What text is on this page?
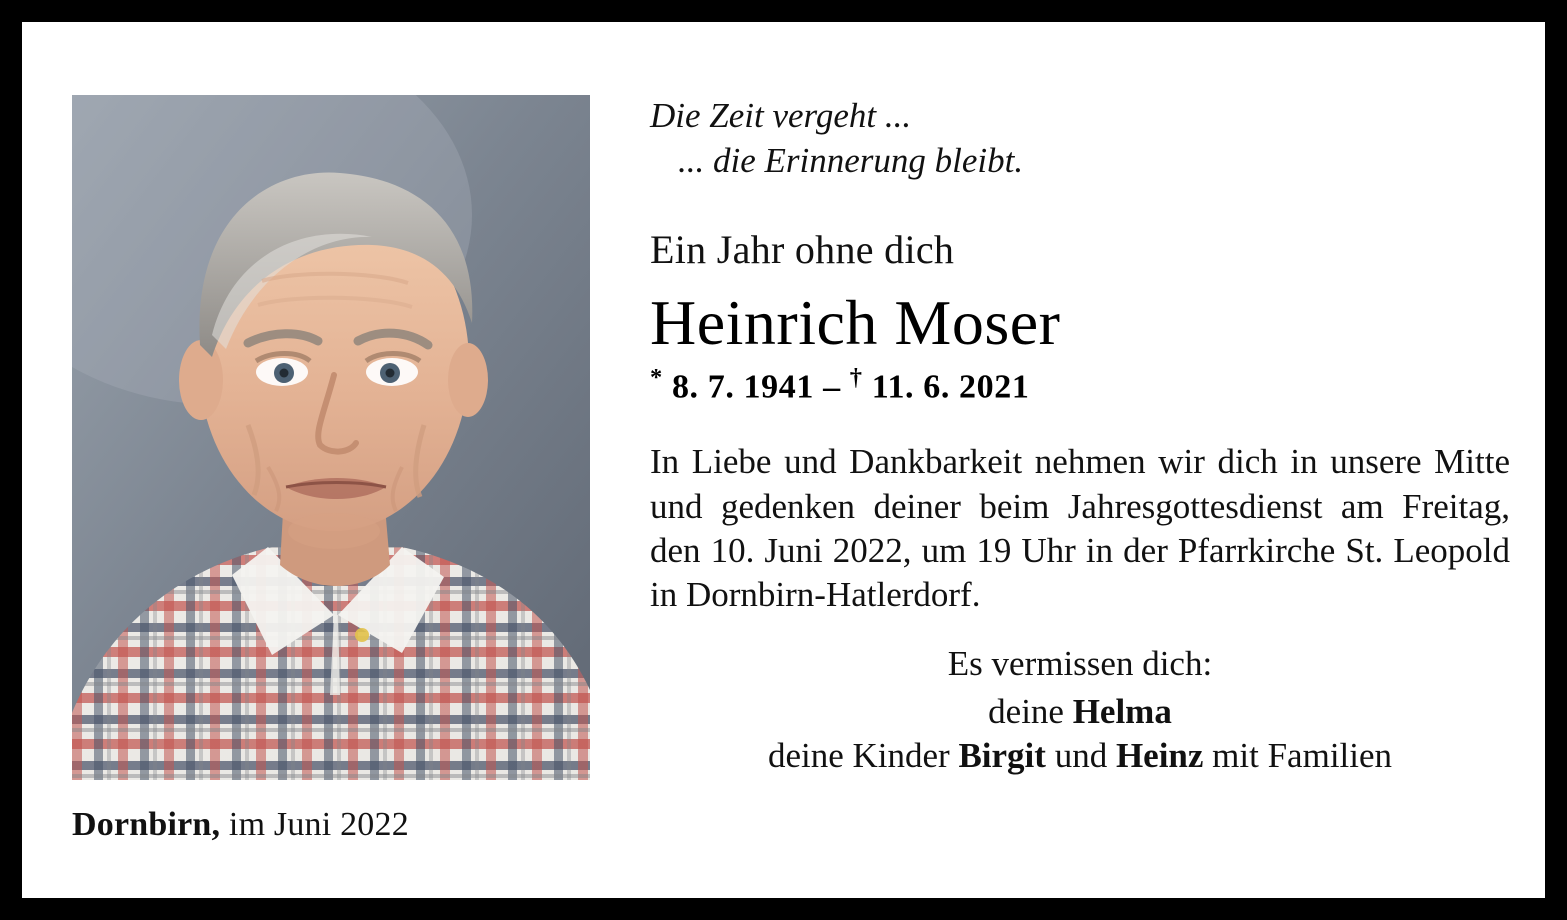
Dornbirn, im Juni 2022
Die Zeit vergeht ...
... die Erinnerung bleibt.
Ein Jahr ohne dich
Heinrich Moser
* 8. 7. 1941 – † 11. 6. 2021

In Liebe und Dankbarkeit nehmen wir dich in unsere Mitte und gedenken deiner beim Jahresgottesdienst am Freitag, den 10. Juni 2022, um 19 Uhr in der Pfarrkirche St. Leopold in Dornbirn-Hatlerdorf.

Es vermissen dich:
deine Helma
deine Kinder Birgit und Heinz mit Familien
